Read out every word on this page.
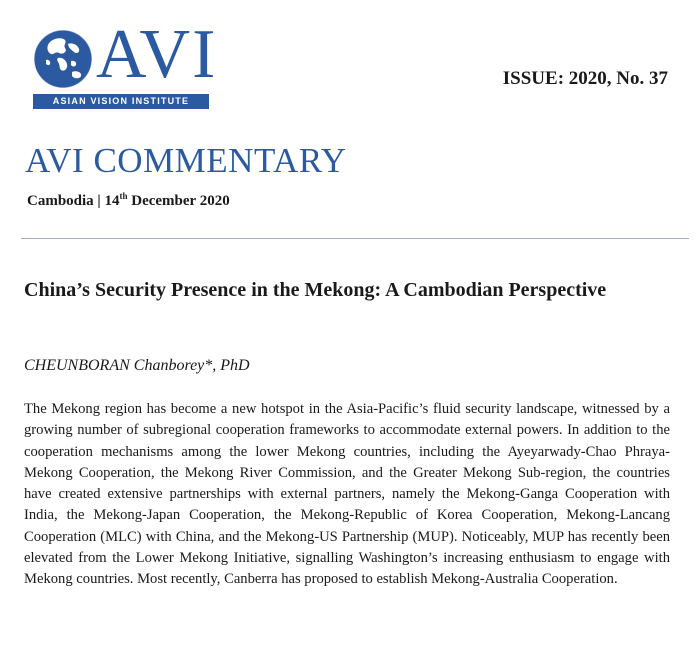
AVI
ASIAN VISION INSTITUTE
ISSUE: 2020, No. 37
AVI COMMENTARY
Cambodia | 14th December 2020
China’s Security Presence in the Mekong: A Cambodian Perspective
CHEUNBORAN Chanborey*, PhD

The Mekong region has become a new hotspot in the Asia-Pacific’s fluid security landscape, witnessed by a growing number of subregional cooperation frameworks to accommodate external powers. In addition to the cooperation mechanisms among the lower Mekong countries, including the Ayeyarwady-Chao Phraya-Mekong Cooperation, the Mekong River Commission, and the Greater Mekong Sub-region, the countries have created extensive partnerships with external partners, namely the Mekong-Ganga Cooperation with India, the Mekong-Japan Cooperation, the Mekong-Republic of Korea Cooperation, Mekong-Lancang Cooperation (MLC) with China, and the Mekong-US Partnership (MUP). Noticeably, MUP has recently been elevated from the Lower Mekong Initiative, signalling Washington’s increasing enthusiasm to engage with Mekong countries. Most recently, Canberra has proposed to establish Mekong-Australia Cooperation.
